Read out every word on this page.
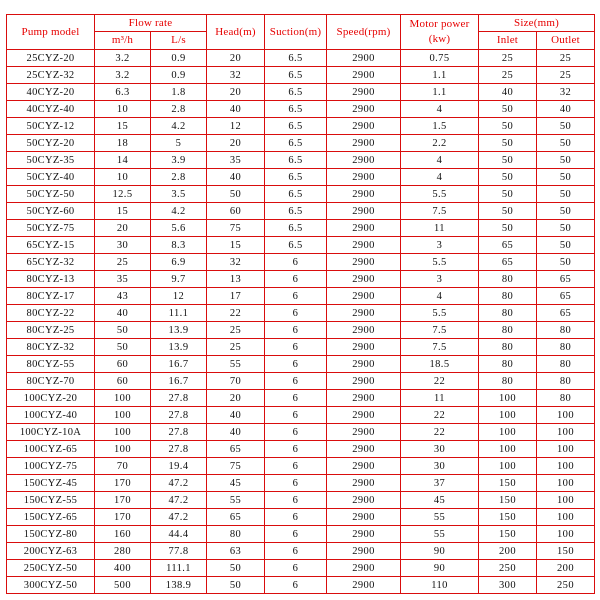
Pump model	Flow rate		Head(m)	Suction(m)	Speed(rpm)	Motor power (kw)	Size(mm)	
	m³/h	L/s					Inlet	Outlet
25CYZ-20	3.2	0.9	20	6.5	2900	0.75	25	25
25CYZ-32	3.2	0.9	32	6.5	2900	1.1	25	25
40CYZ-20	6.3	1.8	20	6.5	2900	1.1	40	32
40CYZ-40	10	2.8	40	6.5	2900	4	50	40
50CYZ-12	15	4.2	12	6.5	2900	1.5	50	50
50CYZ-20	18	5	20	6.5	2900	2.2	50	50
50CYZ-35	14	3.9	35	6.5	2900	4	50	50
50CYZ-40	10	2.8	40	6.5	2900	4	50	50
50CYZ-50	12.5	3.5	50	6.5	2900	5.5	50	50
50CYZ-60	15	4.2	60	6.5	2900	7.5	50	50
50CYZ-75	20	5.6	75	6.5	2900	11	50	50
65CYZ-15	30	8.3	15	6.5	2900	3	65	50
65CYZ-32	25	6.9	32	6	2900	5.5	65	50
80CYZ-13	35	9.7	13	6	2900	3	80	65
80CYZ-17	43	12	17	6	2900	4	80	65
80CYZ-22	40	11.1	22	6	2900	5.5	80	65
80CYZ-25	50	13.9	25	6	2900	7.5	80	80
80CYZ-32	50	13.9	25	6	2900	7.5	80	80
80CYZ-55	60	16.7	55	6	2900	18.5	80	80
80CYZ-70	60	16.7	70	6	2900	22	80	80
100CYZ-20	100	27.8	20	6	2900	11	100	80
100CYZ-40	100	27.8	40	6	2900	22	100	100
100CYZ-10A	100	27.8	40	6	2900	22	100	100
100CYZ-65	100	27.8	65	6	2900	30	100	100
100CYZ-75	70	19.4	75	6	2900	30	100	100
150CYZ-45	170	47.2	45	6	2900	37	150	100
150CYZ-55	170	47.2	55	6	2900	45	150	100
150CYZ-65	170	47.2	65	6	2900	55	150	100
150CYZ-80	160	44.4	80	6	2900	55	150	100
200CYZ-63	280	77.8	63	6	2900	90	200	150
250CYZ-50	400	111.1	50	6	2900	90	250	200
300CYZ-50	500	138.9	50	6	2900	110	300	250
